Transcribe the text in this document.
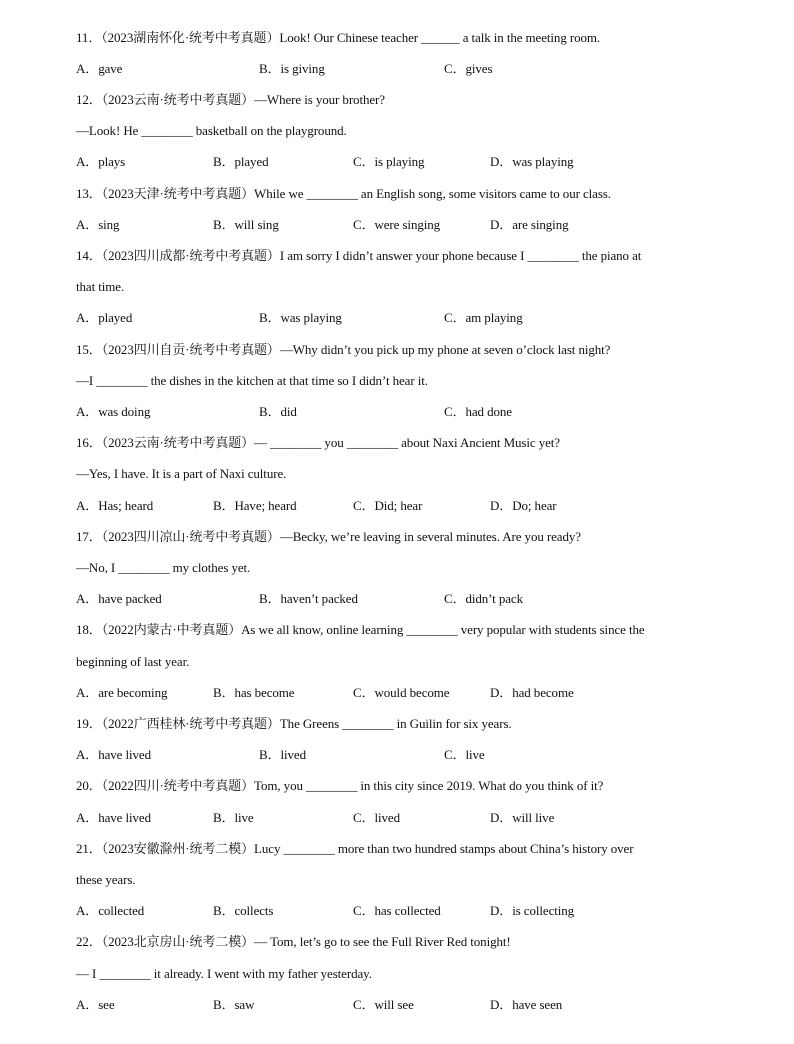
11．（2023湖南怀化·统考中考真题）Look! Our Chinese teacher ______ a talk in the meeting room.
A．gave	B．is giving	C．gives
12．（2023云南·统考中考真题）—Where is your brother?
—Look! He ________ basketball on the playground.
A．plays	B．played	C．is playing	D．was playing
13．（2023天津·统考中考真题）While we ________ an English song, some visitors came to our class.
A．sing	B．will sing	C．were singing	D．are singing
14．（2023四川成都·统考中考真题）I am sorry I didn’t answer your phone because I ________ the piano at
that time.
A．played	B．was playing	C．am playing
15．（2023四川自贡·统考中考真题）—Why didn’t you pick up my phone at seven o’clock last night?
—I ________ the dishes in the kitchen at that time so I didn’t hear it.
A．was doing	B．did	C．had done
16．（2023云南·统考中考真题）— ________ you ________ about Naxi Ancient Music yet?
—Yes, I have. It is a part of Naxi culture.
A．Has; heard	B．Have; heard	C．Did; hear	D．Do; hear
17．（2023四川凉山·统考中考真题）—Becky, we’re leaving in several minutes. Are you ready?
—No, I ________ my clothes yet.
A．have packed	B．haven’t packed	C．didn’t pack
18．（2022内蒙古·中考真题）As we all know, online learning ________ very popular with students since the
beginning of last year.
A．are becoming	B．has become	C．would become	D．had become
19．（2022广西桂林·统考中考真题）The Greens ________ in Guilin for six years.
A．have lived	B．lived	C．live
20．（2022四川·统考中考真题）Tom, you ________ in this city since 2019. What do you think of it?
A．have lived	B．live	C．lived	D．will live
21．（2023安徽滁州·统考二模）Lucy ________ more than two hundred stamps about China’s history over
these years.
A．collected	B．collects	C．has collected	D．is collecting
22．（2023北京房山·统考二模）— Tom, let’s go to see the Full River Red tonight!
— I ________ it already. I went with my father yesterday.
A．see	B．saw	C．will see	D．have seen
